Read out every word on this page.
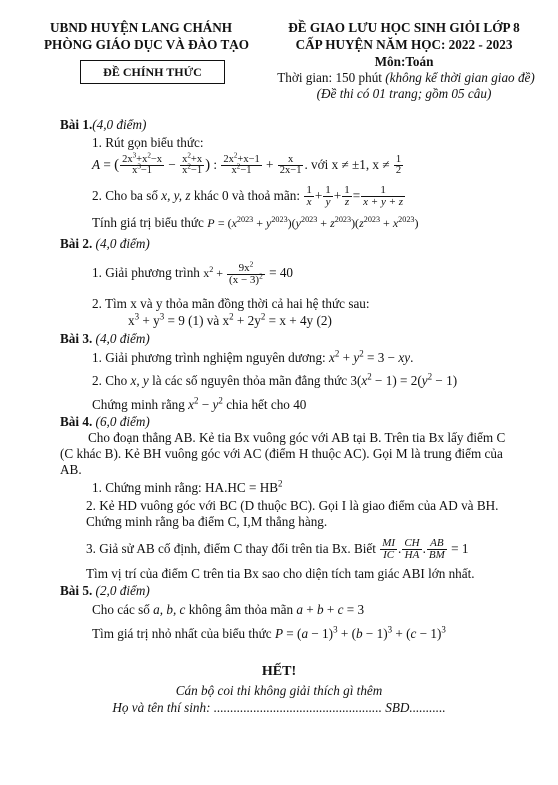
UBND HUYỆN LANG CHÁNH
PHÒNG GIÁO DỤC VÀ ĐÀO TẠO
ĐỀ CHÍNH THỨC
ĐỀ GIAO LƯU HỌC SINH GIỎI LỚP 8
CẤP HUYỆN NĂM HỌC: 2022 - 2023
Môn:Toán
Thời gian: 150 phút (không kể thời gian giao đề)
(Đề thi có 01 trang; gồm 05 câu)
Bài 1.(4,0 điểm)
1. Rút gọn biểu thức:
A = ( $\frac{2x^3+x^2-x}{x^3-1} - \frac{x^2+x}{x^2-1}$ ) : $\frac{2x^2+x-1}{x^2-1} + \frac{x}{2x-1}$ . với x ≠ ±1, $x \ne \frac{1}{2}$
2. Cho ba số x, y, z khác 0 và thoả mãn: $\frac{1}{x} + \frac{1}{y} + \frac{1}{z} = \frac{1}{x + y + z}$
Tính giá trị biểu thức $P = (x^{2023} + y^{2023})(y^{2023} + z^{2023})(z^{2023} + x^{2023})$
Bài 2. (4,0 điểm)
1. Giải phương trình $x^2 + \frac{9x^2}{(x - 3)^2} = 40$
2. Tìm x và y thỏa mãn đồng thời cả hai hệ thức sau:
$x^3 + y^3 = 9$ (1) và $x^2 + 2y^2 = x + 4y$ (2)
Bài 3. (4,0 điểm)
1. Giải phương trình nghiệm nguyên dương: $x^2 + y^2 = 3$ − xy.
2. Cho x, y là các số nguyên thỏa mãn đẳng thức $3(x^2 - 1) = 2(y^2 - 1)$
Chứng minh rằng $x^2 - y^2$ chia hết cho 40
Bài 4. (6,0 điểm)
Cho đoạn thẳng AB. Kẻ tia Bx vuông góc với AB tại B. Trên tia Bx lấy điểm C (C khác B). Kẻ BH vuông góc với AC (điểm H thuộc AC). Gọi M là trung điểm của AB.
1. Chứng minh rằng: $HA.HC = HB^2$
2. Kẻ HD vuông góc với BC (D thuộc BC). Gọi I là giao điểm của AD và BH. Chứng minh rằng ba điểm C, I,M thẳng hàng.
3. Giả sử AB cố định, điểm C thay đổi trên tia Bx. Biết $\frac{MI}{IC}$ . $\frac{CH}{HA}$ . $\frac{AB}{BM} = 1$
Tìm vị trí của điểm C trên tia Bx sao cho diện tích tam giác ABI lớn nhất.
Bài 5. (2,0 điểm)
Cho các số a, b, c không âm thỏa mãn a + b + c = 3
Tìm giá trị nhỏ nhất của biểu thức $P = (a - 1)^3 + (b - 1)^3 + (c - 1)^3$
HẾT!
Cán bộ coi thi không giải thích gì thêm
Họ và tên thí sinh: ................................................... SBD...........
